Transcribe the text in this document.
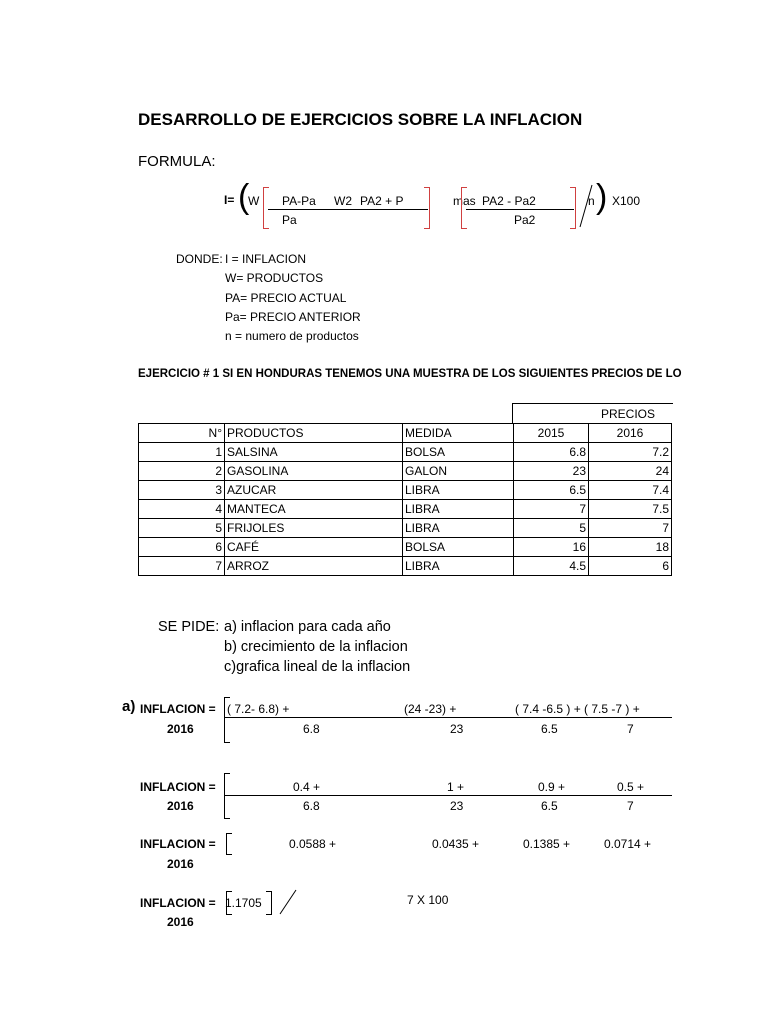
DESARROLLO DE EJERCICIOS SOBRE LA INFLACION
FORMULA:
I= (
W PA-Pa W2 PA2 + P
Pa
mas PA2 - Pa2
Pa2
n ) X100
DONDE: I = INFLACION
W= PRODUCTOS
PA= PRECIO ACTUAL
Pa= PRECIO ANTERIOR
n = numero de productos
EJERCICIO # 1 SI EN HONDURAS TENEMOS UNA MUESTRA DE LOS SIGUIENTES PRECIOS DE LO
PRECIOS
N°	PRODUCTOS	MEDIDA	2015	2016
1	SALSINA	BOLSA	6.8	7.2
2	GASOLINA	GALON	23	24
3	AZUCAR	LIBRA	6.5	7.4
4	MANTECA	LIBRA	7	7.5
5	FRIJOLES	LIBRA	5	7
6	CAFÉ	BOLSA	16	18
7	ARROZ	LIBRA	4.5	6
SE PIDE: a) inflacion para cada año
b) crecimiento de la inflacion
c)grafica lineal de la inflacion
a) INFLACION =
2016
( 7.2- 6.8) +	(24 -23) +	( 7.4 -6.5 ) + ( 7.5 -7 ) +
6.8	23	6.5	7
INFLACION =
2016
0.4 +	1 +	0.9 +	0.5 +
6.8	23	6.5	7
INFLACION =
2016
0.0588 +	0.0435 +	0.1385 +	0.0714 +
INFLACION =
2016
1.1705	7 X 100
